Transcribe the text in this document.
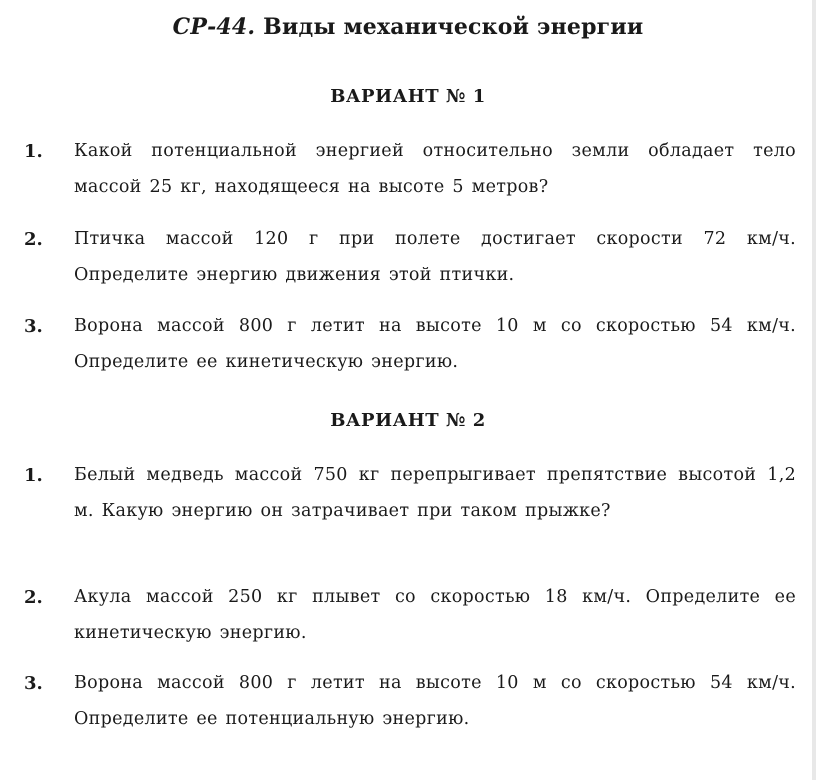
СР-44. Виды механической энергии
ВАРИАНТ № 1
1. Какой потенциальной энергией относительно земли обладает тело массой 25 кг, находящееся на высоте 5 метров?
2. Птичка массой 120 г при полете достигает скорости 72 км/ч. Определите энергию движения этой птички.
3. Ворона массой 800 г летит на высоте 10 м со скоростью 54 км/ч. Определите ее кинетическую энергию.
ВАРИАНТ № 2
1. Белый медведь массой 750 кг перепрыгивает препятствие высотой 1,2 м. Какую энергию он затрачивает при таком прыжке?
2. Акула массой 250 кг плывет со скоростью 18 км/ч. Определите ее кинетическую энергию.
3. Ворона массой 800 г летит на высоте 10 м со скоростью 54 км/ч. Определите ее потенциальную энергию.
